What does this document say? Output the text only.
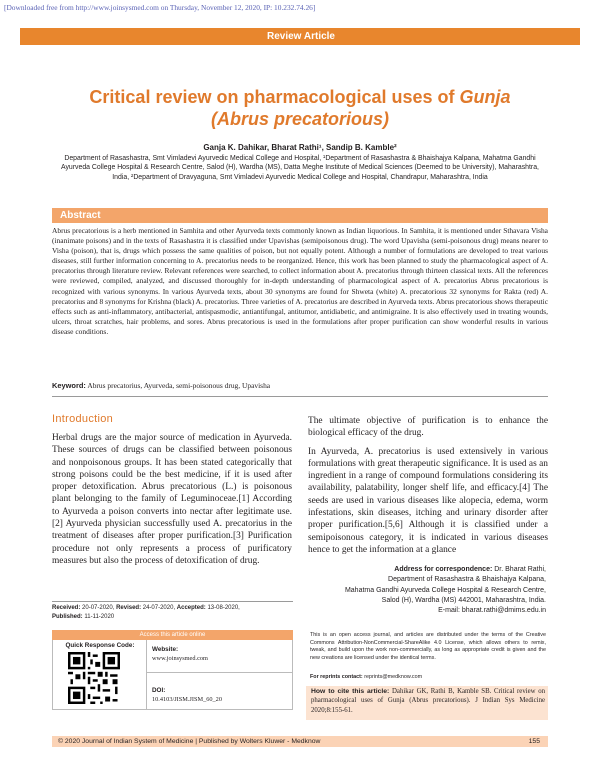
[Downloaded free from http://www.joinsysmed.com on Thursday, November 12, 2020, IP: 10.232.74.26]
Review Article
Critical review on pharmacological uses of Gunja
(Abrus precatorious)
Ganja K. Dahikar, Bharat Rathi¹, Sandip B. Kamble²
Department of Rasashastra, Smt Vimladevi Ayurvedic Medical College and Hospital, ¹Department of Rasashastra & Bhaishajya Kalpana, Mahatma Gandhi Ayurveda College Hospital & Research Centre, Salod (H), Wardha (MS), Datta Meghe Institute of Medical Sciences (Deemed to be University), Maharashtra, India, ²Department of Dravyaguna, Smt Vimladevi Ayurvedic Medical College and Hospital, Chandrapur, Maharashtra, India
Abstract
Abrus precatorious is a herb mentioned in Samhita and other Ayurveda texts commonly known as Indian liquorious. In Samhita, it is mentioned under Sthavara Visha (inanimate poisons) and in the texts of Rasashastra it is classified under Upavishas (semipoisonous drug). The word Upavisha (semi-poisonous drug) means nearer to Visha (poison), that is, drugs which possess the same qualities of poison, but not equally potent. Although a number of formulations are developed to treat various diseases, still further information concerning to A. precatorius needs to be reorganized. Hence, this work has been planned to study the pharmacological aspect of A. precatorius through literature review. Relevant references were searched, to collect information about A. precatorius through thirteen classical texts. All the references were reviewed, compiled, analyzed, and discussed thoroughly for in-depth understanding of pharmacological aspect of A. precatorius Abrus precatorious is recognized with various synonyms. In various Ayurveda texts, about 30 synonyms are found for Shweta (white) A. precatorious 32 synonyms for Rakta (red) A. precatorius and 8 synonyms for Krishna (black) A. precatorius. Three varieties of A. precatorius are described in Ayurveda texts. Abrus precatorious shows therapeutic effects such as anti-inflammatory, antibacterial, antispasmodic, antiantifungal, antitumor, antidiabetic, and antimigraine. It is also effectively used in treating wounds, ulcers, throat scratches, hair problems, and sores. Abrus precatorious is used in the formulations after proper purification can show wonderful results in various disease conditions.
Keyword: Abrus precatorius, Ayurveda, semi-poisonous drug, Upavisha
Introduction

Herbal drugs are the major source of medication in Ayurveda. These sources of drugs can be classified between poisonous and nonpoisonous groups. It has been stated categorically that strong poisons could be the best medicine, if it is used after proper detoxification. Abrus precatorious (L.) is poisonous plant belonging to the family of Leguminoceae.[1] According to Ayurveda a poison converts into nectar after legitimate use.[2] Ayurveda physician successfully used A. precatorius in the treatment of diseases after proper purification.[3] Purification procedure not only represents a process of purificatory measures but also the process of detoxification of drug.

The ultimate objective of purification is to enhance the biological efficacy of the drug.

In Ayurveda, A. precatorius is used extensively in various formulations with great therapeutic significance. It is used as an ingredient in a range of compound formulations considering its availability, palatability, longer shelf life, and efficacy.[4] The seeds are used in various diseases like alopecia, edema, worm infestations, skin diseases, itching and urinary disorder after proper purification.[5,6] Although it is classified under a semipoisonous category, it is indicated in various diseases hence to get the information at a glance

Address for correspondence: Dr. Bharat Rathi,
Department of Rasashastra & Bhaishajya Kalpana,
Mahatma Gandhi Ayurveda College Hospital & Research Centre,
Salod (H), Wardha (MS) 442001, Maharashtra, India.
E-mail: bharat.rathi@dmims.edu.in
Received: 20-07-2020, Revised: 24-07-2020, Accepted: 13-08-2020,
Published: 11-11-2020
Access this article online
Quick Response Code:
Website:
www.joinsysmed.com
DOI:
10.4103/JISM.JISM_60_20
This is an open access journal, and articles are distributed under the terms of the Creative Commons Attribution-NonCommercial-ShareAlike 4.0 License, which allows others to remix, tweak, and build upon the work non-commercially, as long as appropriate credit is given and the new creations are licensed under the identical terms.
For reprints contact: reprints@medknow.com
How to cite this article: Dahikar GK, Rathi B, Kamble SB. Critical review on pharmacological uses of Gunja (Abrus precatorious). J Indian Sys Medicine 2020;8:155-61.
© 2020 Journal of Indian System of Medicine | Published by Wolters Kluwer - Medknow	155
